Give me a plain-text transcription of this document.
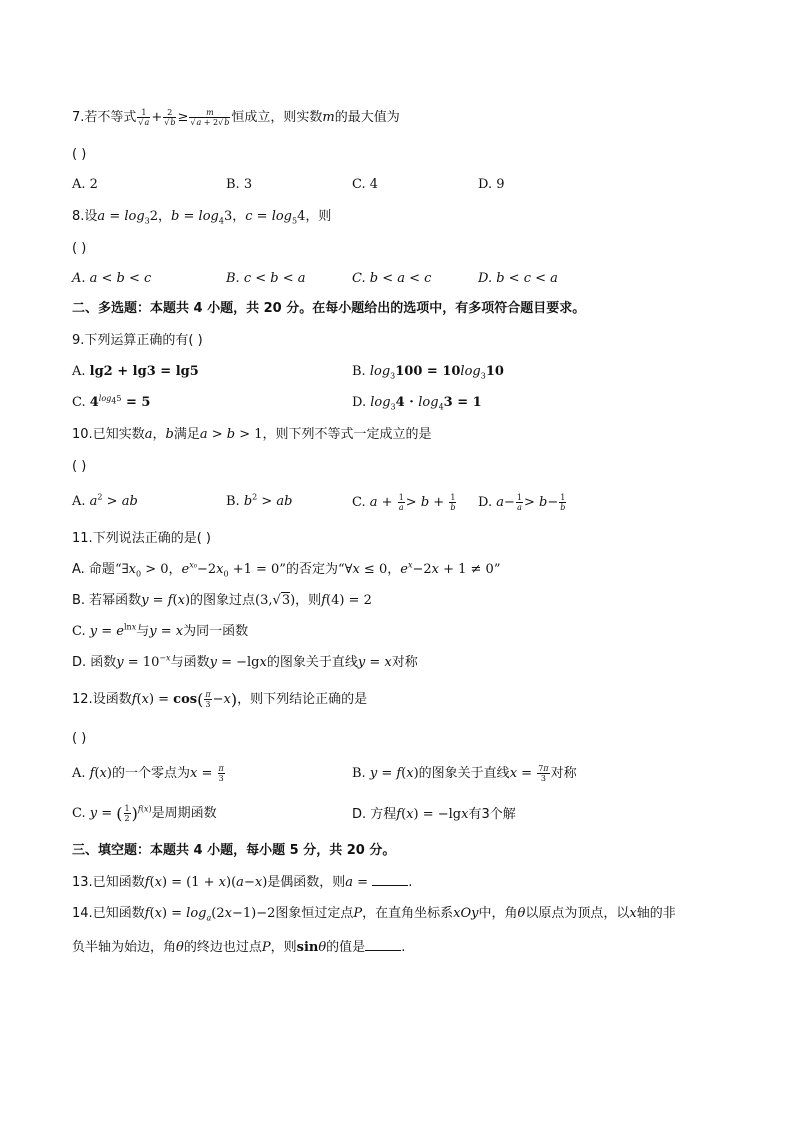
7.若不等式 $\frac{1}{√a} + \frac{2}{√b} \ge \frac{m}{√a + 2√b}$ 恒成立，则实数m的最大值为
( )
A. 2	B. 3	C. 4	D. 9
8.设$a = \log_32$，$b = \log_43$，$c = \log_54$，则
( )
A. a < b < c	B. c < b < a	C. b < a < c	D. b < c < a
二、多选题：本题共 4 小题，共 20 分。在每小题给出的选项中，有多项符合题目要求。
9.下列运算正确的有( )
A. lg2 + lg3 = lg5	B. $\log_3100 = 10\log_310$
C. $4^{log_45} = 5$	D. $\log_34 \cdot \log_43 = 1$
10.已知实数a，b满足a > b > 1，则下列不等式一定成立的是
( )
A. $a^2$ > ab	B. $b^2$ > ab	C. $a + \frac{1}{a} > b + \frac{1}{b} D$. $a- \frac{1}{a} > b- \frac{1}{b}$
11.下列说法正确的是( )
A. 命题“$\exists x_0 > 0$，$e^{x_0}-2x_0 +1 = 0$”的否定为“∀x ≤ 0，$e^x-2x + 1 \ne 0$”
B. 若幂函数y = f(x)的图象过点(3,√3)，则f(4) = 2
C. $y = e^{lnx}$与y = x为同一函数
D. 函数$y = 10^{-x}$与函数y = −lgx的图象关于直线y = x对称
12.设函数$f(x) = \cos( \frac{\pi}{3} -x)$，则下列结论正确的是
( )
A. f(x)的一个零点为$x = \frac{\pi}{3}$	B. y = f(x)的图象关于直线$x = \frac{7\pi}{3}$ 对称
C. y = ( $\frac{1}{2} )^{f(x)}$是周期函数	D. 方程f(x) = −lgx有3个解
三、填空题：本题共 4 小题，每小题 5 分，共 20 分。
13.已知函数f(x) = (1 + x)(a−x)是偶函数，则a =	.
14.已知函数$f(x) = \log_a(2x-1)-2$图象恒过定点P，在直角坐标系xOy中，角θ以原点为顶点，以x轴的非
负半轴为始边，角θ的终边也过点P，则sinθ的值是	.
